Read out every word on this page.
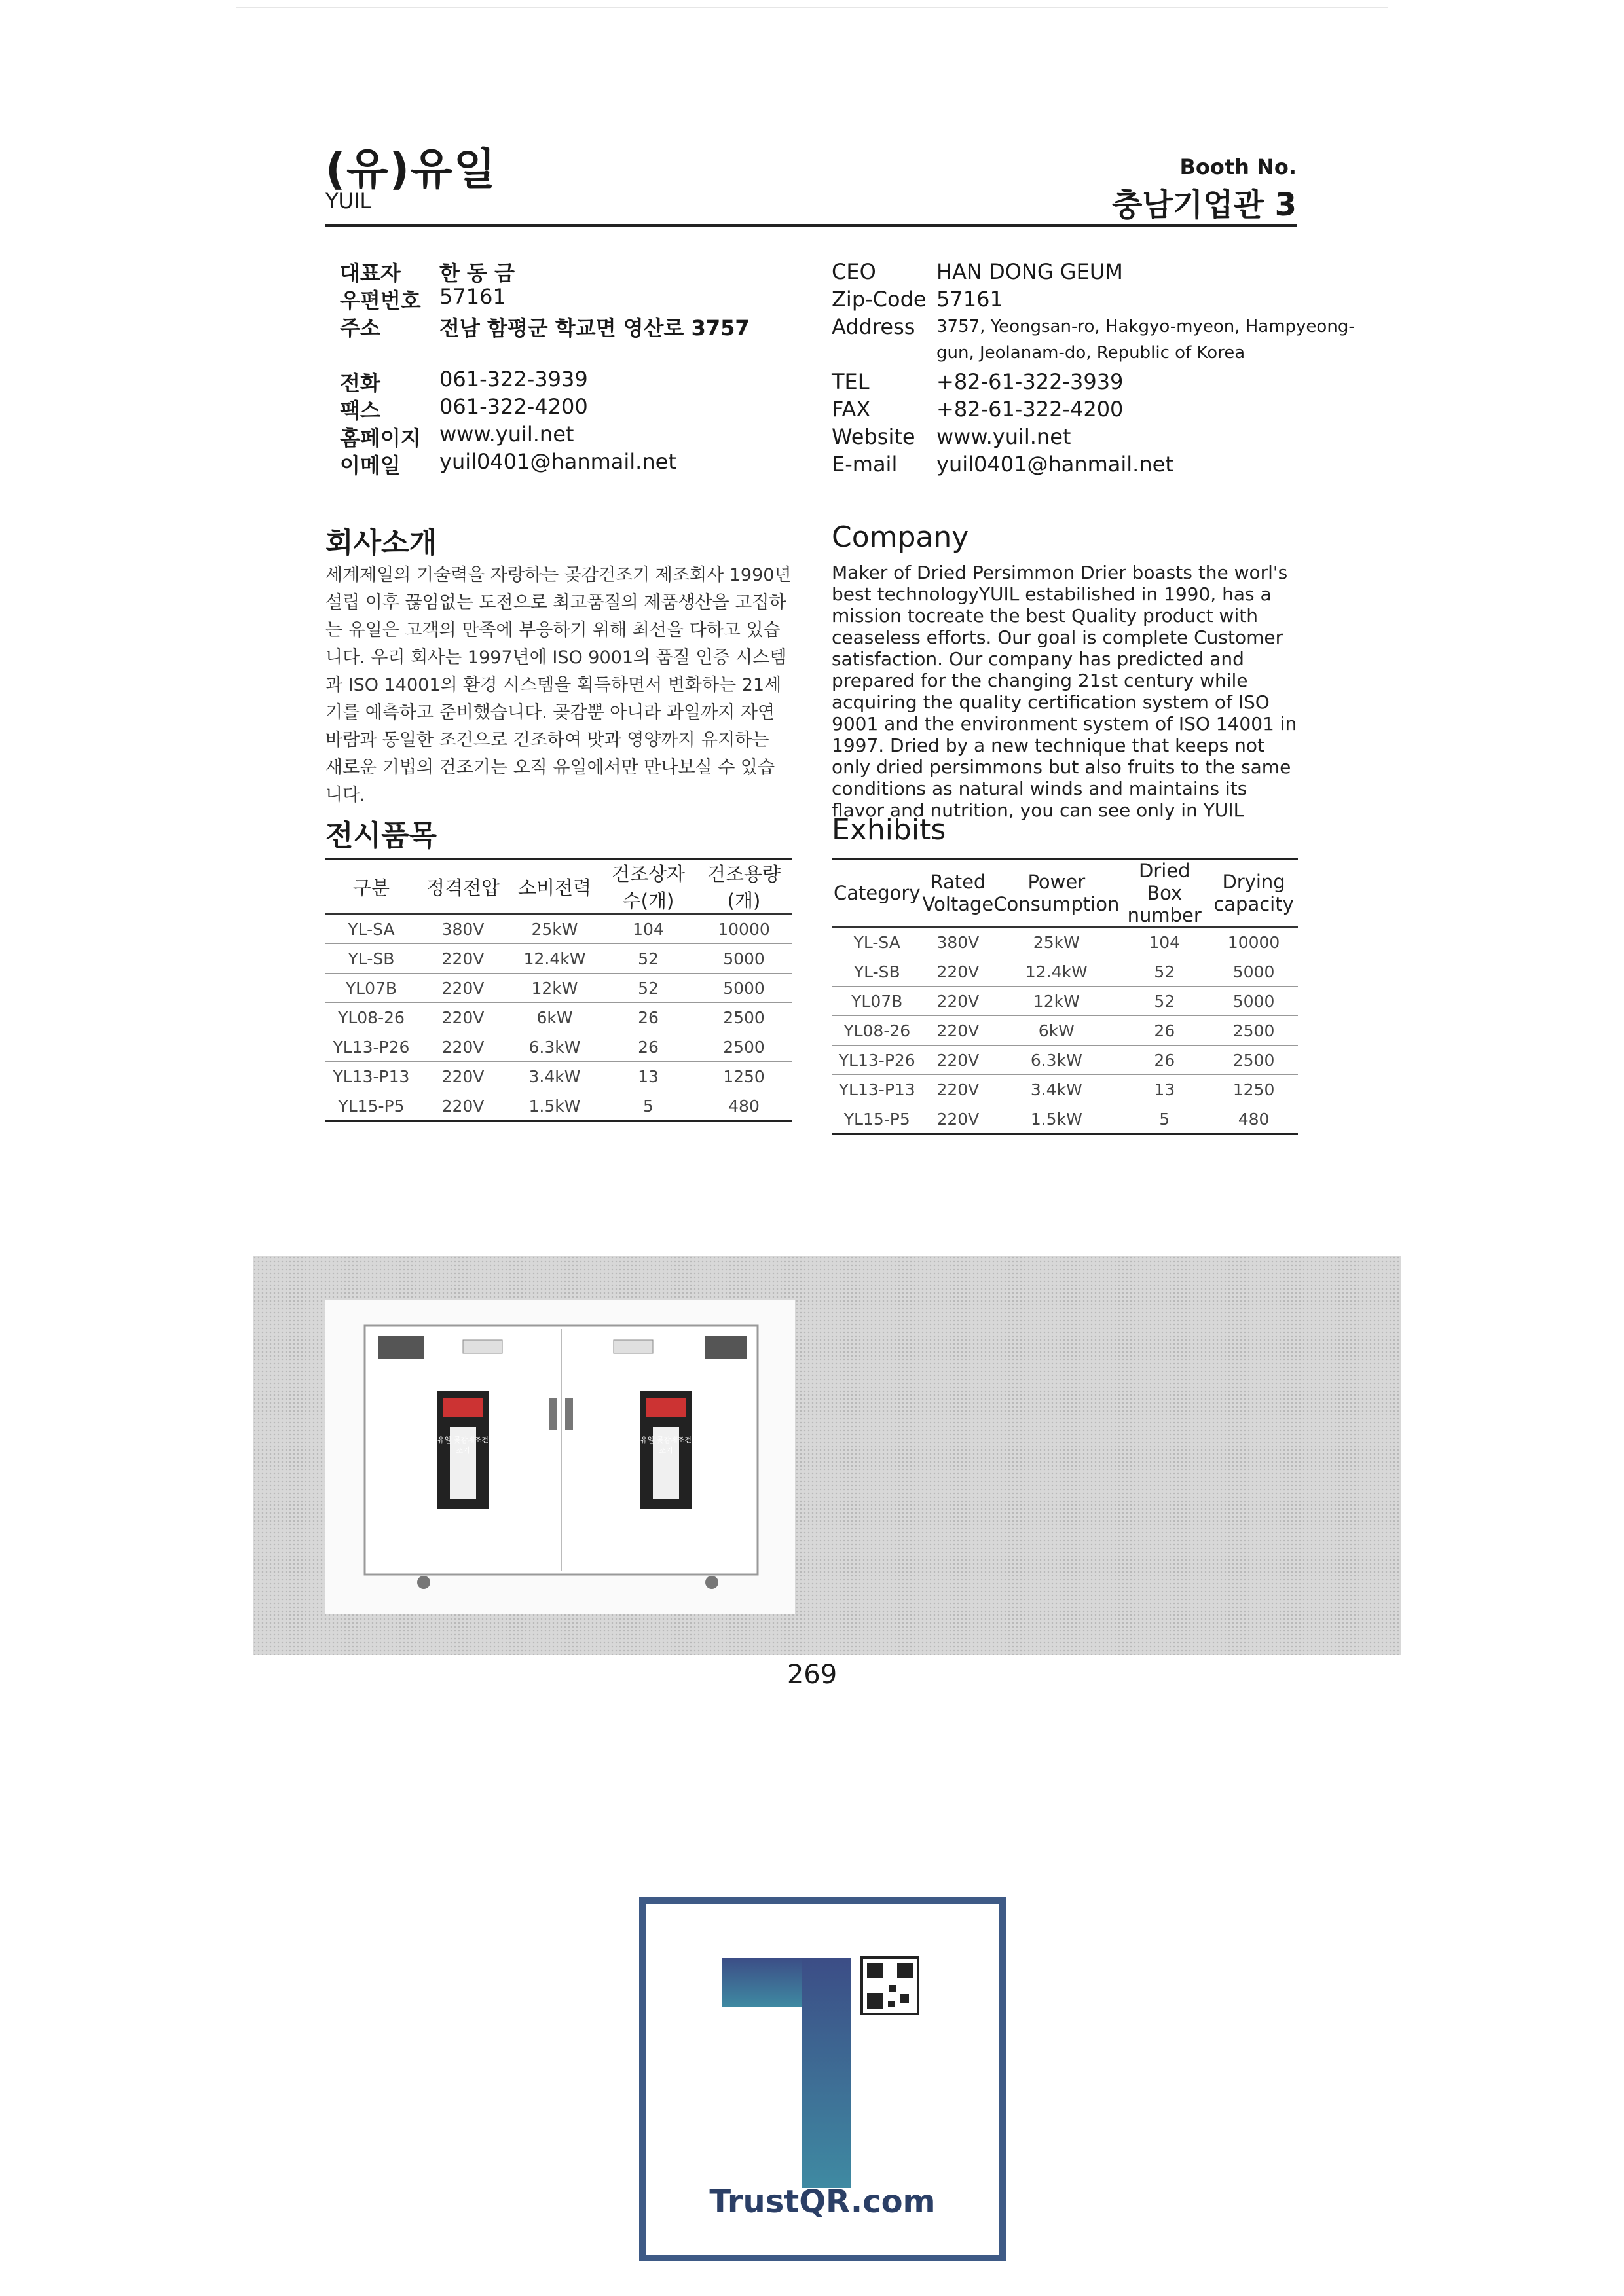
(유)유일
YUIL
Booth No.
충남기업관 3
대표자 한 동 금
우편번호 57161
주소	전남 함평군 학교면 영산로 3757
전화	061-322-3939
팩스	061-322-4200
홈페이지 www.yuil.net
이메일 yuil0401@hanmail.net
CEO	HAN DONG GEUM
Zip-Code 57161
Address 3757, Yeongsan-ro, Hakgyo-myeon, Hampyeong-
gun, Jeolanam-do, Republic of Korea
TEL	+82-61-322-3939
FAX	+82-61-322-4200
Website www.yuil.net
E-mail yuil0401@hanmail.net
회사소개	Company
세계제일의 기술력을 자랑하는 곶감건조기 제조회사 1990년 설립 이후 끊임없는 도전으로 최고품질의 제품생산을 고집하는 유일은 고객의 만족에 부응하기 위해 최선을 다하고 있습니다. 우리 회사는 1997년에 ISO 9001의 품질 인증 시스템과 ISO 14001의 환경 시스템을 획득하면서 변화하는 21세기를 예측하고 준비했습니다. 곶감뿐 아니라 과일까지 자연바람과 동일한 조건으로 건조하여 맛과 영양까지 유지하는 새로운 기법의 건조기는 오직 유일에서만 만나보실 수 있습니다.
Maker of Dried Persimmon Drier boasts the worl's best technologyYUIL estabilished in 1990, has a mission tocreate the best Quality product with ceaseless efforts. Our goal is complete Customer satisfaction. Our company has predicted and prepared for the changing 21st century while acquiring the quality certification system of ISO 9001 and the environment system of ISO 14001 in 1997. Dried by a new technique that keeps not only dried persimmons but also fruits to the same conditions as natural winds and maintains its flavor and nutrition, you can see only in YUIL
전시품목	Exhibits
구분	정격전압	소비전력	건조상자 수(개)	건조용량 (개)
YL-SA	380V	25kW	104	10000
YL-SB	220V	12.4kW	52	5000
YL07B	220V	12kW	52	5000
YL08-26	220V	6kW	26	2500
YL13-P26	220V	6.3kW	26	2500
YL13-P13	220V	3.4kW	13	1250
YL15-P5	220V	1.5kW	5	480
Category	Rated Voltage	Power Consumption	Dried Box number	Drying capacity
YL-SA	380V	25kW	104	10000
YL-SB	220V	12.4kW	52	5000
YL07B	220V	12kW	52	5000
YL08-26	220V	6kW	26	2500
YL13-P26	220V	6.3kW	26	2500
YL13-P13	220V	3.4kW	13	1250
YL15-P5	220V	1.5kW	5	480
유일 곶감제조건조기
유일 곶감제조건조기
269
TrustQR.com
